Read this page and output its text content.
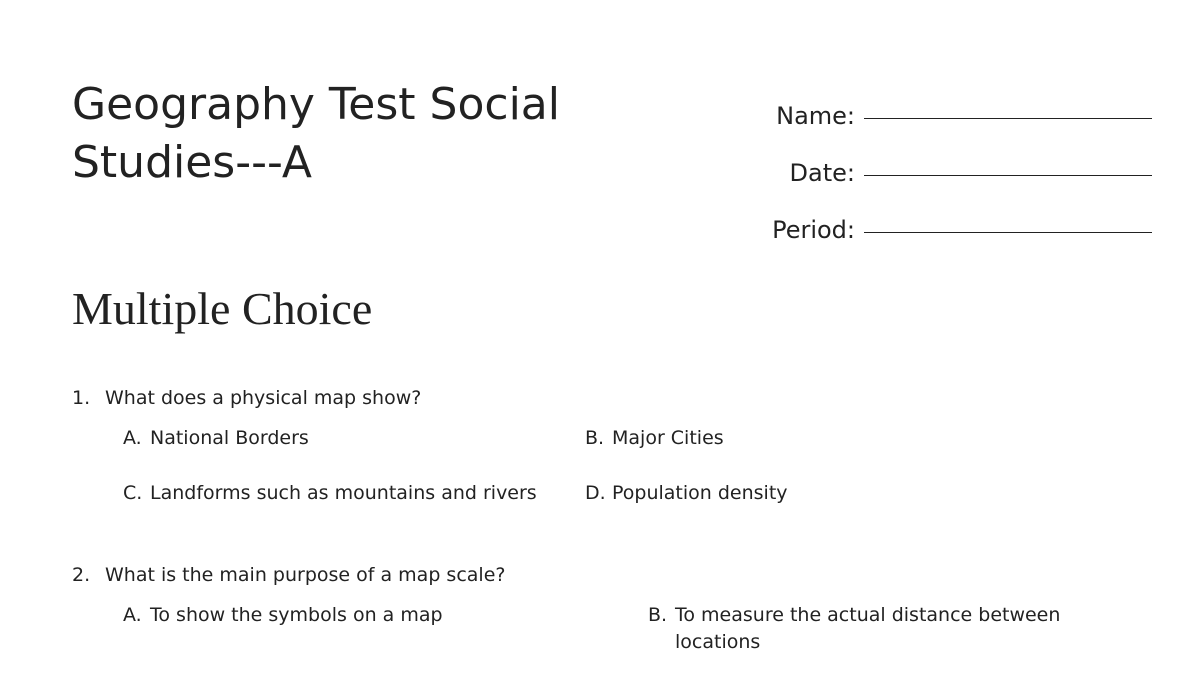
Geography Test Social Studies---A
Name:
Date:
Period:
Multiple Choice
1. What does a physical map show?
A. National Borders	B. Major Cities
C. Landforms such as mountains and rivers	D. Population density
2. What is the main purpose of a map scale?
A. To show the symbols on a map	B. To measure the actual distance between locations
